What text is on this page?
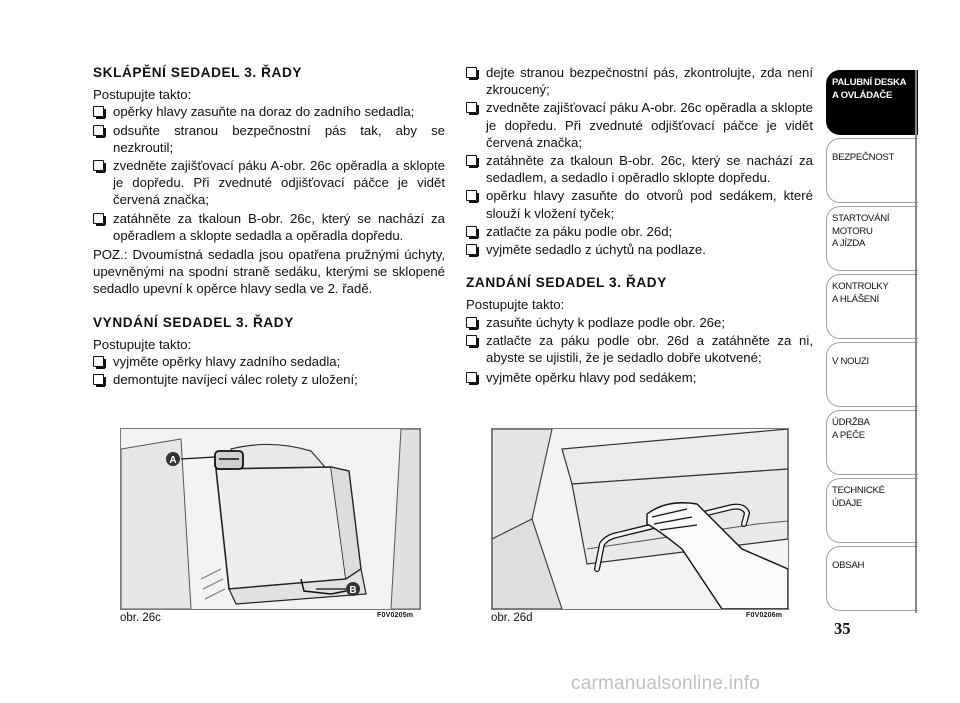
SKLÁPĚNÍ SEDADEL 3. ŘADY

Postupujte takto:

opěrky hlavy zasuňte na doraz do zadního sedadla;
odsuňte stranou bezpečnostní pás tak, aby se nezkroutil;
zvedněte zajišťovací páku A-obr. 26c opěradla a sklopte je dopředu. Při zvednuté odjišťovací páčce je vidět červená značka;
zatáhněte za tkaloun B-obr. 26c, který se nachází za opěradlem a sklopte sedadla a opěradla dopředu.

POZ.: Dvoumístná sedadla jsou opatřena pružnými úchyty, upevněnými na spodní straně sedáku, kterými se sklopené sedadlo upevní k opěrce hlavy sedla ve 2. řadě.

VYNDÁNÍ SEDADEL 3. ŘADY

Postupujte takto:

vyjměte opěrky hlavy zadního sedadla;
demontujte navíjecí válec rolety z uložení;
dejte stranou bezpečnostní pás, zkontrolujte, zda není zkroucený;
zvedněte zajišťovací páku A-obr. 26c opěradla a sklopte je dopředu. Při zvednuté odjišťovací páčce je vidět červená značka;
zatáhněte za tkaloun B-obr. 26c, který se nachází za sedadlem, a sedadlo i opěradlo sklopte dopředu.
opěrku hlavy zasuňte do otvorů pod sedákem, které slouží k vložení tyček;
zatlačte za páku podle obr. 26d;
vyjměte sedadlo z úchytů na podlaze.
ZANDÁNÍ SEDADEL 3. ŘADY

Postupujte takto:

zasuňte úchyty k podlaze podle obr. 26e;
zatlačte za páku podle obr. 26d a zatáhněte za ni, abyste se ujistili, že je sedadlo dobře ukotvené;
vyjměte opěrku hlavy pod sedákem;
A
B
obr. 26c	F0V0205m	obr. 26d	F0V0206m
PALUBNÍ DESKA
A OVLÁDAČE
BEZPEČNOST
STARTOVÁNÍ
MOTORU
A JÍZDA
KONTROLKY
A HLÁŠENÍ
V NOUZI
ÚDRŽBA
A PÉČE
TECHNICKÉ
ÚDAJE
OBSAH
35
carmanualsonline.info
